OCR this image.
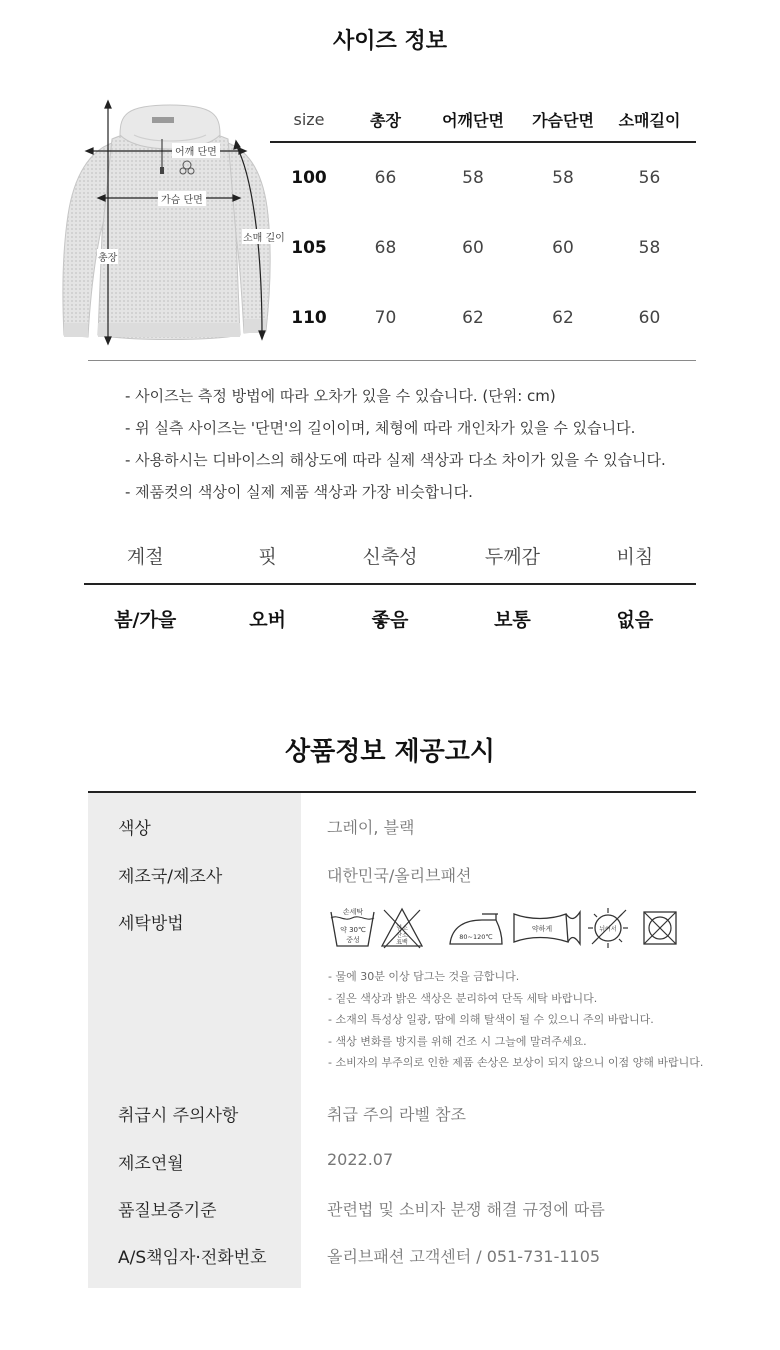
사이즈 정보
어깨 단면
가슴 단면
소매 길이
총장
size	총장	어깨단면	가슴단면	소매길이
100	66	58	58	56
105	68	60	60	58
110	70	62	62	60
- 사이즈는 측정 방법에 따라 오차가 있을 수 있습니다. (단위: cm)
- 위 실측 사이즈는 '단면'의 길이이며, 체형에 따라 개인차가 있을 수 있습니다.
- 사용하시는 디바이스의 해상도에 따라 실제 색상과 다소 차이가 있을 수 있습니다.
- 제품컷의 색상이 실제 제품 색상과 가장 비슷합니다.
계절	핏	신축성	두께감	비침
봄/가을	오버	좋음	보통	없음
상품정보 제공고시
색상	그레이, 블랙
제조국/제조사	대한민국/올리브패션
세탁방법
손세탁
약 30℃
중성
염소
산소
표백
80~120℃
약하게	뉘어서
- 물에 30분 이상 담그는 것을 금합니다.
- 짙은 색상과 밝은 색상은 분리하여 단독 세탁 바랍니다.
- 소재의 특성상 일광, 땀에 의해 탈색이 될 수 있으니 주의 바랍니다.
- 색상 변화를 방지를 위해 건조 시 그늘에 말려주세요.
- 소비자의 부주의로 인한 제품 손상은 보상이 되지 않으니 이점 양해 바랍니다.
취급시 주의사항	취급 주의 라벨 참조
제조연월	2022.07
품질보증기준	관련법 및 소비자 분쟁 해결 규정에 따름
A/S책임자·전화번호	올리브패션 고객센터 / 051-731-1105
